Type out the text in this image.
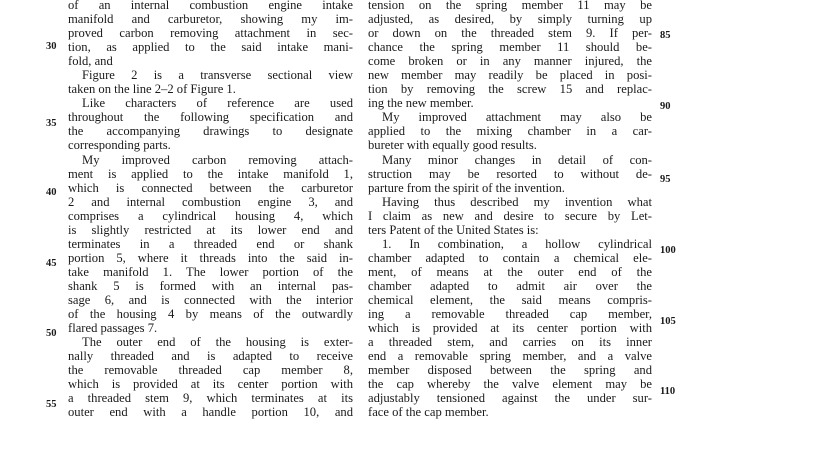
of an internal combustion engine intake
manifold and carburetor, showing my im-
proved carbon removing attachment in sec-
tion, as applied to the said intake mani-
fold, and
Figure 2 is a transverse sectional view
taken on the line 2–2 of Figure 1.
Like characters of reference are used
throughout the following specification and
the accompanying drawings to designate
corresponding parts.
My improved carbon removing attach-
ment is applied to the intake manifold 1,
which is connected between the carburetor
2 and internal combustion engine 3, and
comprises a cylindrical housing 4, which
is slightly restricted at its lower end and
terminates in a threaded end or shank
portion 5, where it threads into the said in-
take manifold 1. The lower portion of the
shank 5 is formed with an internal pas-
sage 6, and is connected with the interior
of the housing 4 by means of the outwardly
flared passages 7.
The outer end of the housing is exter-
nally threaded and is adapted to receive
the removable threaded cap member 8,
which is provided at its center portion with
a threaded stem 9, which terminates at its
outer end with a handle portion 10, and
tension on the spring member 11 may be
adjusted, as desired, by simply turning up
or down on the threaded stem 9. If per-
chance the spring member 11 should be-
come broken or in any manner injured, the
new member may readily be placed in posi-
tion by removing the screw 15 and replac-
ing the new member.
My improved attachment may also be
applied to the mixing chamber in a car-
bureter with equally good results.
Many minor changes in detail of con-
struction may be resorted to without de-
parture from the spirit of the invention.
Having thus described my invention what
I claim as new and desire to secure by Let-
ters Patent of the United States is:
1. In combination, a hollow cylindrical
chamber adapted to contain a chemical ele-
ment, of means at the outer end of the
chamber adapted to admit air over the
chemical element, the said means compris-
ing a removable threaded cap member,
which is provided at its center portion with
a threaded stem, and carries on its inner
end a removable spring member, and a valve
member disposed between the spring and
the cap whereby the valve element may be
adjustably tensioned against the under sur-
face of the cap member.
30
35
40
45
50
55
85
90
95
100
105
110
